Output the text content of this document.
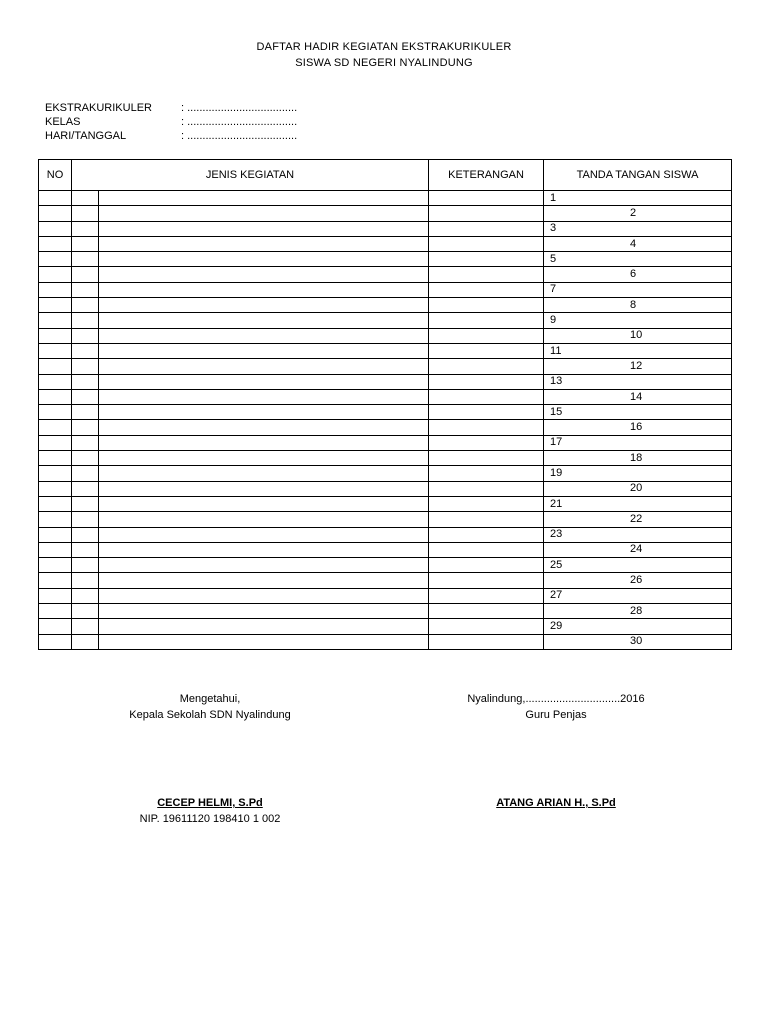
DAFTAR HADIR KEGIATAN EKSTRAKURIKULER
SISWA SD NEGERI NYALINDUNG
EKSTRAKURIKULER	: ....................................
KELAS	: ....................................
HARI/TANGGAL	: ....................................
NO	JENIS KEGIATAN		KETERANGAN	TANDA TANGAN SISWA
				1
				2
				3
				4
				5
				6
				7
				8
				9
				10
				11
				12
				13
				14
				15
				16
				17
				18
				19
				20
				21
				22
				23
				24
				25
				26
				27
				28
				29
				30
Mengetahui,
Kepala Sekolah SDN Nyalindung
Nyalindung,...............................2016
Guru Penjas
CECEP HELMI, S.Pd
NIP. 19611120 198410 1 002
ATANG ARIAN H., S.Pd
